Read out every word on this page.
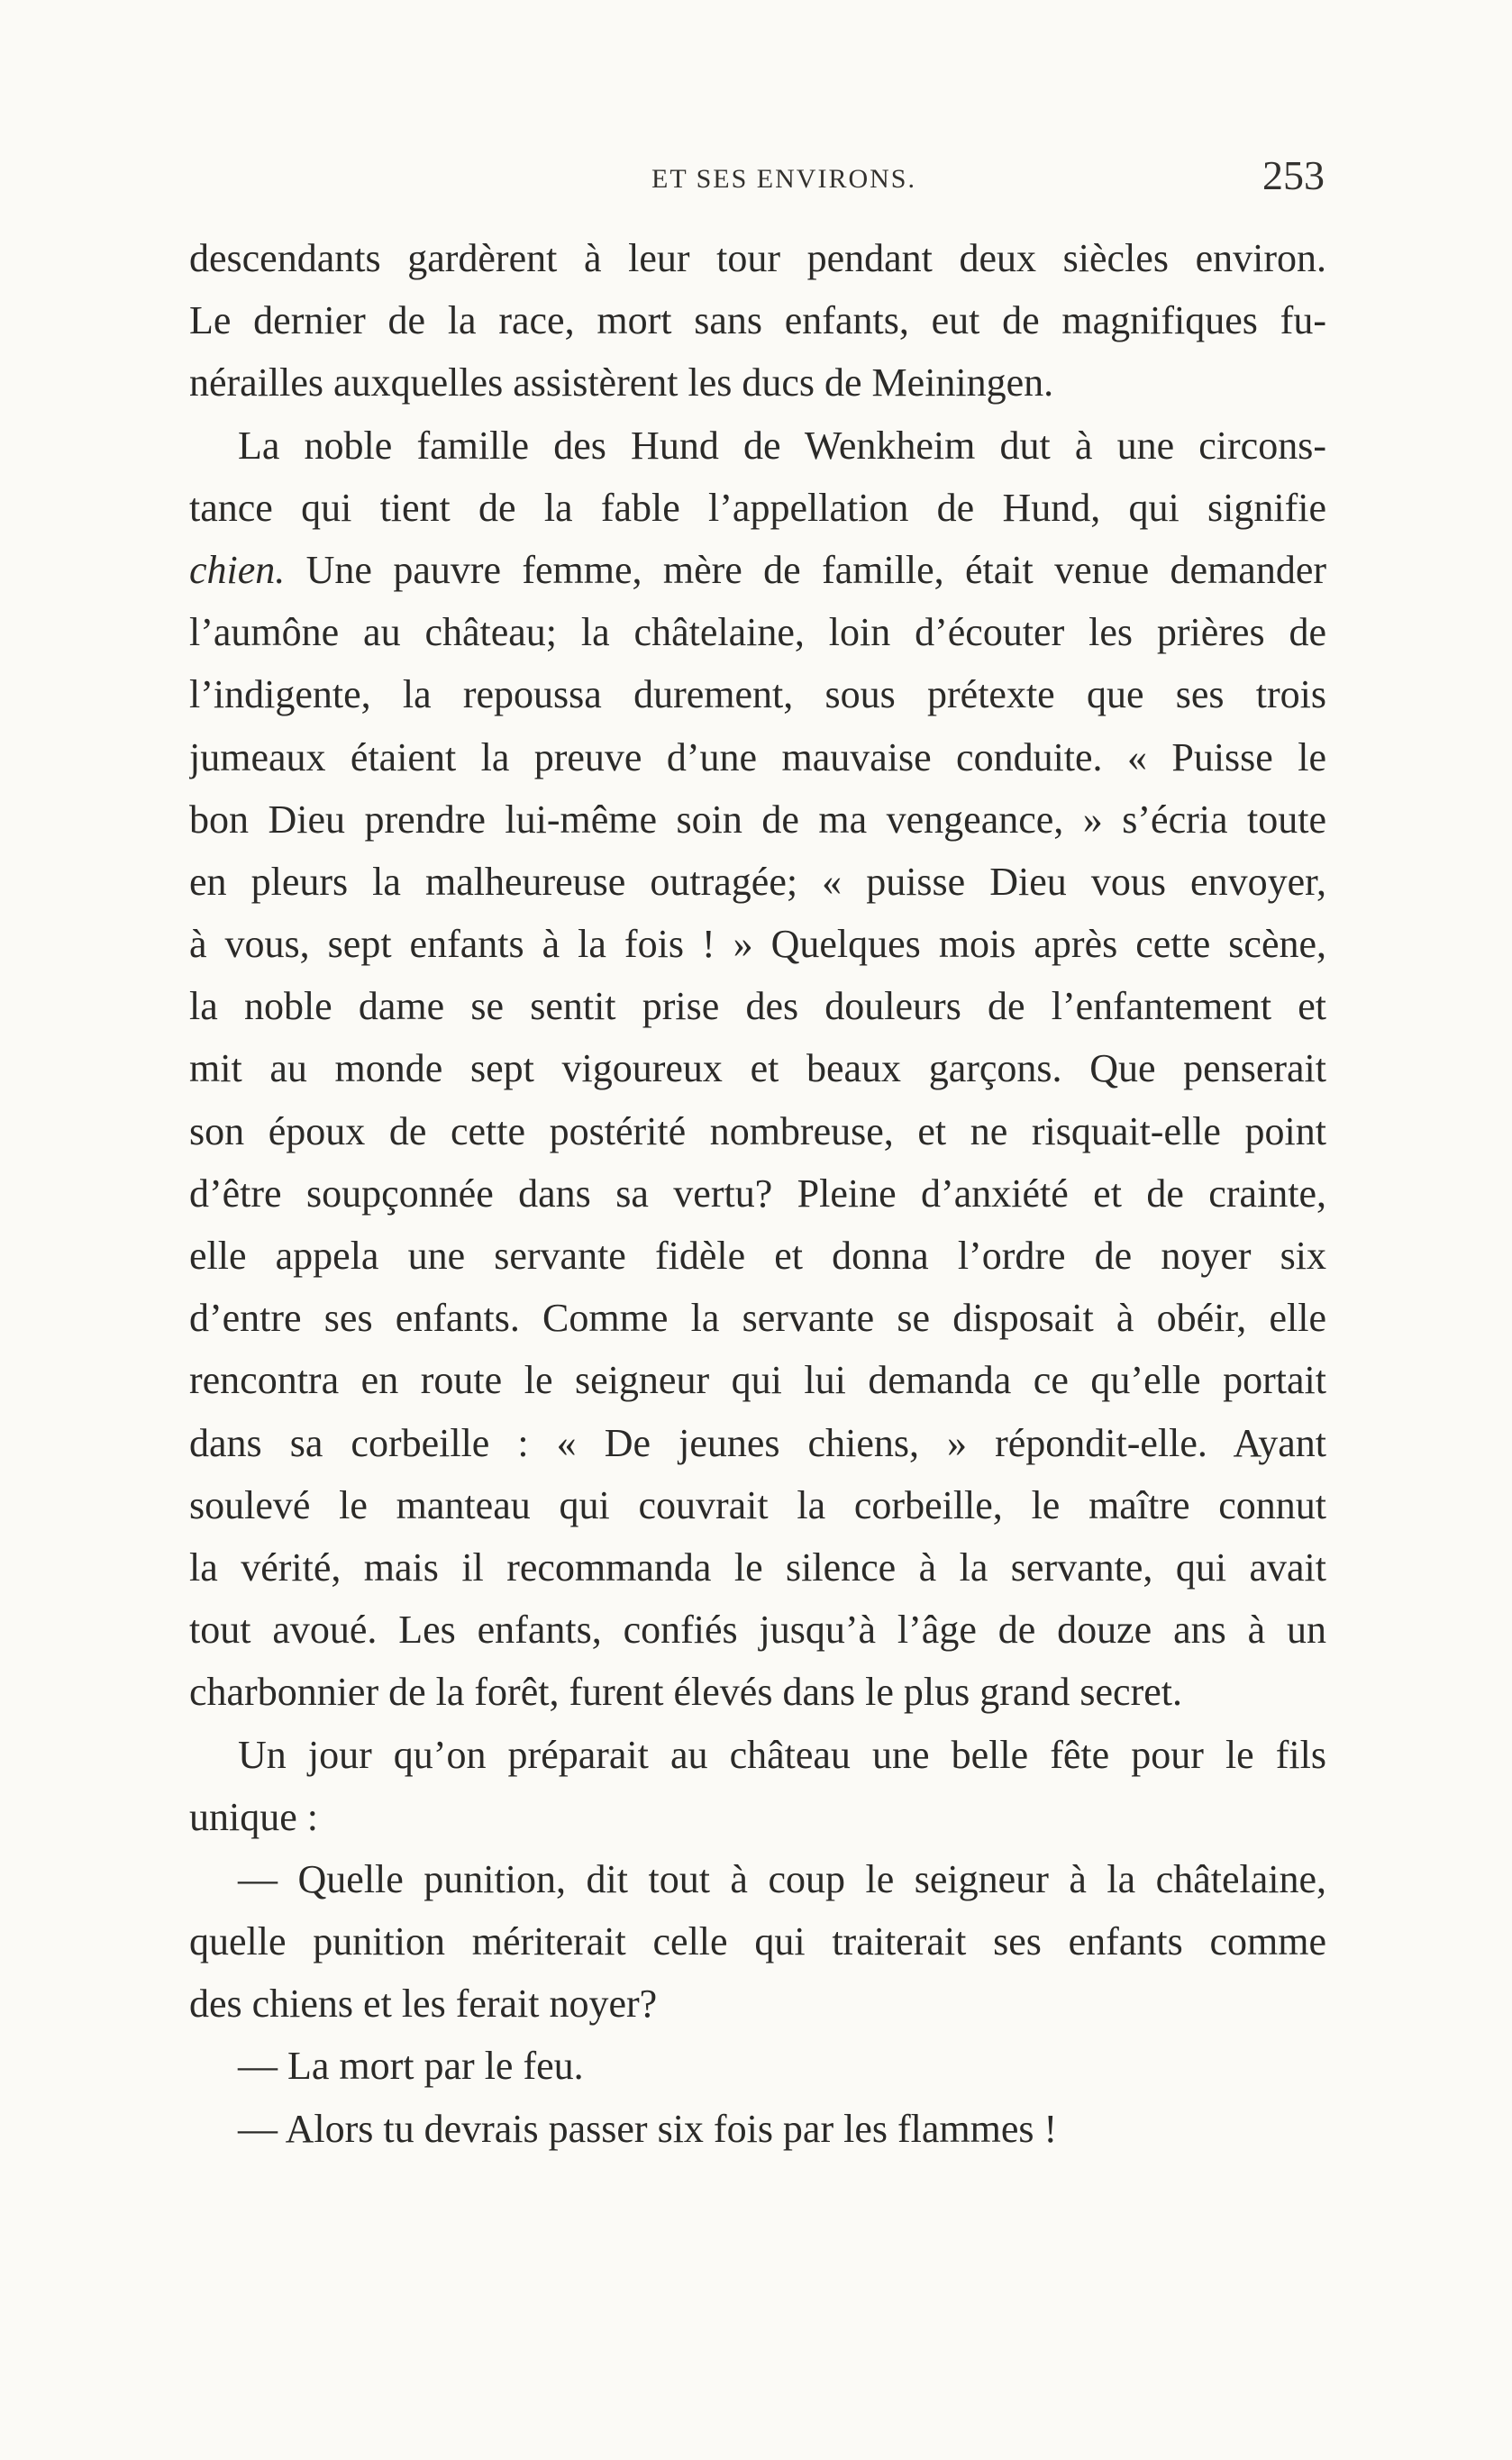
ET SES ENVIRONS.	253
descendants gardèrent à leur tour pendant deux siècles environ.
Le dernier de la race, mort sans enfants, eut de magnifiques fu-
nérailles auxquelles assistèrent les ducs de Meiningen.
La noble famille des Hund de Wenkheim dut à une circons-
tance qui tient de la fable l’appellation de Hund, qui signifie
chien. Une pauvre femme, mère de famille, était venue demander
l’aumône au château; la châtelaine, loin d’écouter les prières de
l’indigente, la repoussa durement, sous prétexte que ses trois
jumeaux étaient la preuve d’une mauvaise conduite. « Puisse le
bon Dieu prendre lui-même soin de ma vengeance, » s’écria toute
en pleurs la malheureuse outragée; « puisse Dieu vous envoyer,
à vous, sept enfants à la fois ! » Quelques mois après cette scène,
la noble dame se sentit prise des douleurs de l’enfantement et
mit au monde sept vigoureux et beaux garçons. Que penserait
son époux de cette postérité nombreuse, et ne risquait-elle point
d’être soupçonnée dans sa vertu? Pleine d’anxiété et de crainte,
elle appela une servante fidèle et donna l’ordre de noyer six
d’entre ses enfants. Comme la servante se disposait à obéir, elle
rencontra en route le seigneur qui lui demanda ce qu’elle portait
dans sa corbeille : « De jeunes chiens, » répondit-elle. Ayant
soulevé le manteau qui couvrait la corbeille, le maître connut
la vérité, mais il recommanda le silence à la servante, qui avait
tout avoué. Les enfants, confiés jusqu’à l’âge de douze ans à un
charbonnier de la forêt, furent élevés dans le plus grand secret.
Un jour qu’on préparait au château une belle fête pour le fils
unique :
— Quelle punition, dit tout à coup le seigneur à la châtelaine,
quelle punition mériterait celle qui traiterait ses enfants comme
des chiens et les ferait noyer?
— La mort par le feu.
— Alors tu devrais passer six fois par les flammes !
